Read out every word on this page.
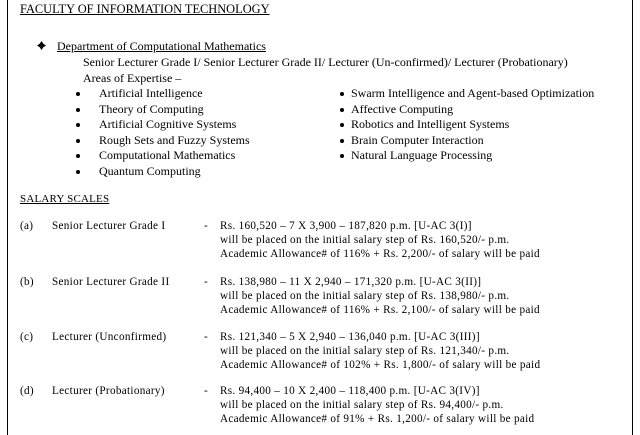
FACULTY OF INFORMATION TECHNOLOGY
Department of Computational Mathematics
Senior Lecturer Grade I/ Senior Lecturer Grade II/ Lecturer (Un-confirmed)/ Lecturer (Probationary)
Areas of Expertise –
Artificial Intelligence
Theory of Computing
Artificial Cognitive Systems
Rough Sets and Fuzzy Systems
Computational Mathematics
Quantum Computing
Swarm Intelligence and Agent-based Optimization
Affective Computing
Robotics and Intelligent Systems
Brain Computer Interaction
Natural Language Processing
SALARY SCALES
(a) Senior Lecturer Grade I	- Rs. 160,520 – 7 X 3,900 – 187,820 p.m. [U-AC 3(I)]
will be placed on the initial salary step of Rs. 160,520/- p.m.
Academic Allowance# of 116% + Rs. 2,200/- of salary will be paid
(b) Senior Lecturer Grade II	- Rs. 138,980 – 11 X 2,940 – 171,320 p.m. [U-AC 3(II)]
will be placed on the initial salary step of Rs. 138,980/- p.m.
Academic Allowance# of 116% + Rs. 2,100/- of salary will be paid
(c) Lecturer (Unconfirmed)	- Rs. 121,340 – 5 X 2,940 – 136,040 p.m. [U-AC 3(III)]
will be placed on the initial salary step of Rs. 121,340/- p.m.
Academic Allowance# of 102% + Rs. 1,800/- of salary will be paid
(d) Lecturer (Probationary)	- Rs. 94,400 – 10 X 2,400 – 118,400 p.m. [U-AC 3(IV)]
will be placed on the initial salary step of Rs. 94,400/- p.m.
Academic Allowance# of 91% + Rs. 1,200/- of salary will be paid
